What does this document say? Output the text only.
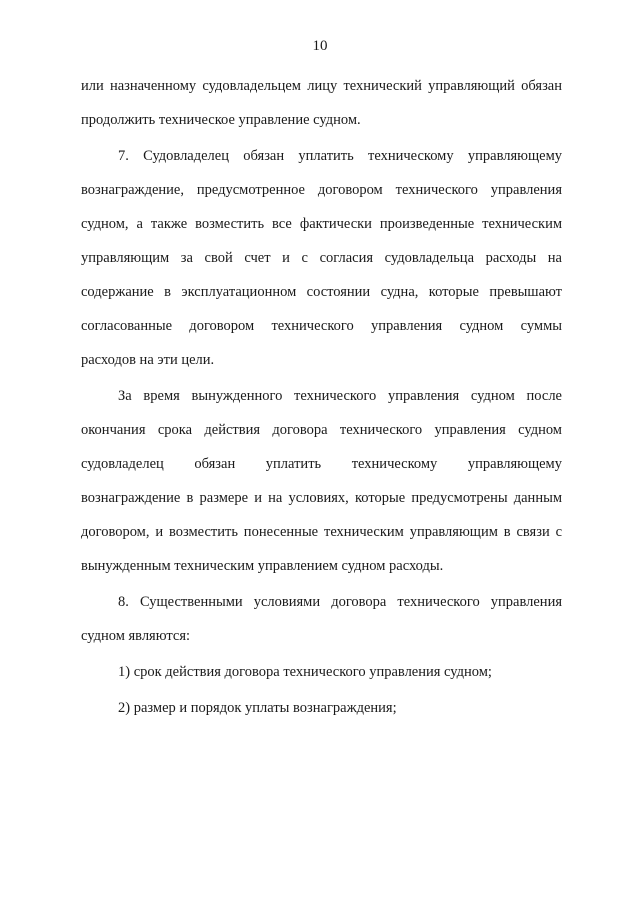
10
или назначенному судовладельцем лицу технический управляющий обязан
продолжить техническое управление судном.
7. Судовладелец обязан уплатить техническому управляющему
вознаграждение, предусмотренное договором технического управления
судном, а также возместить все фактически произведенные техническим
управляющим за свой счет и с согласия судовладельца расходы на
содержание в эксплуатационном состоянии судна, которые превышают
согласованные договором технического управления судном суммы
расходов на эти цели.
За время вынужденного технического управления судном после
окончания срока действия договора технического управления судном
судовладелец обязан уплатить техническому управляющему
вознаграждение в размере и на условиях, которые предусмотрены данным
договором, и возместить понесенные техническим управляющим в связи с
вынужденным техническим управлением судном расходы.
8. Существенными условиями договора технического управления
судном являются:
1) срок действия договора технического управления судном;
2) размер и порядок уплаты вознаграждения;
